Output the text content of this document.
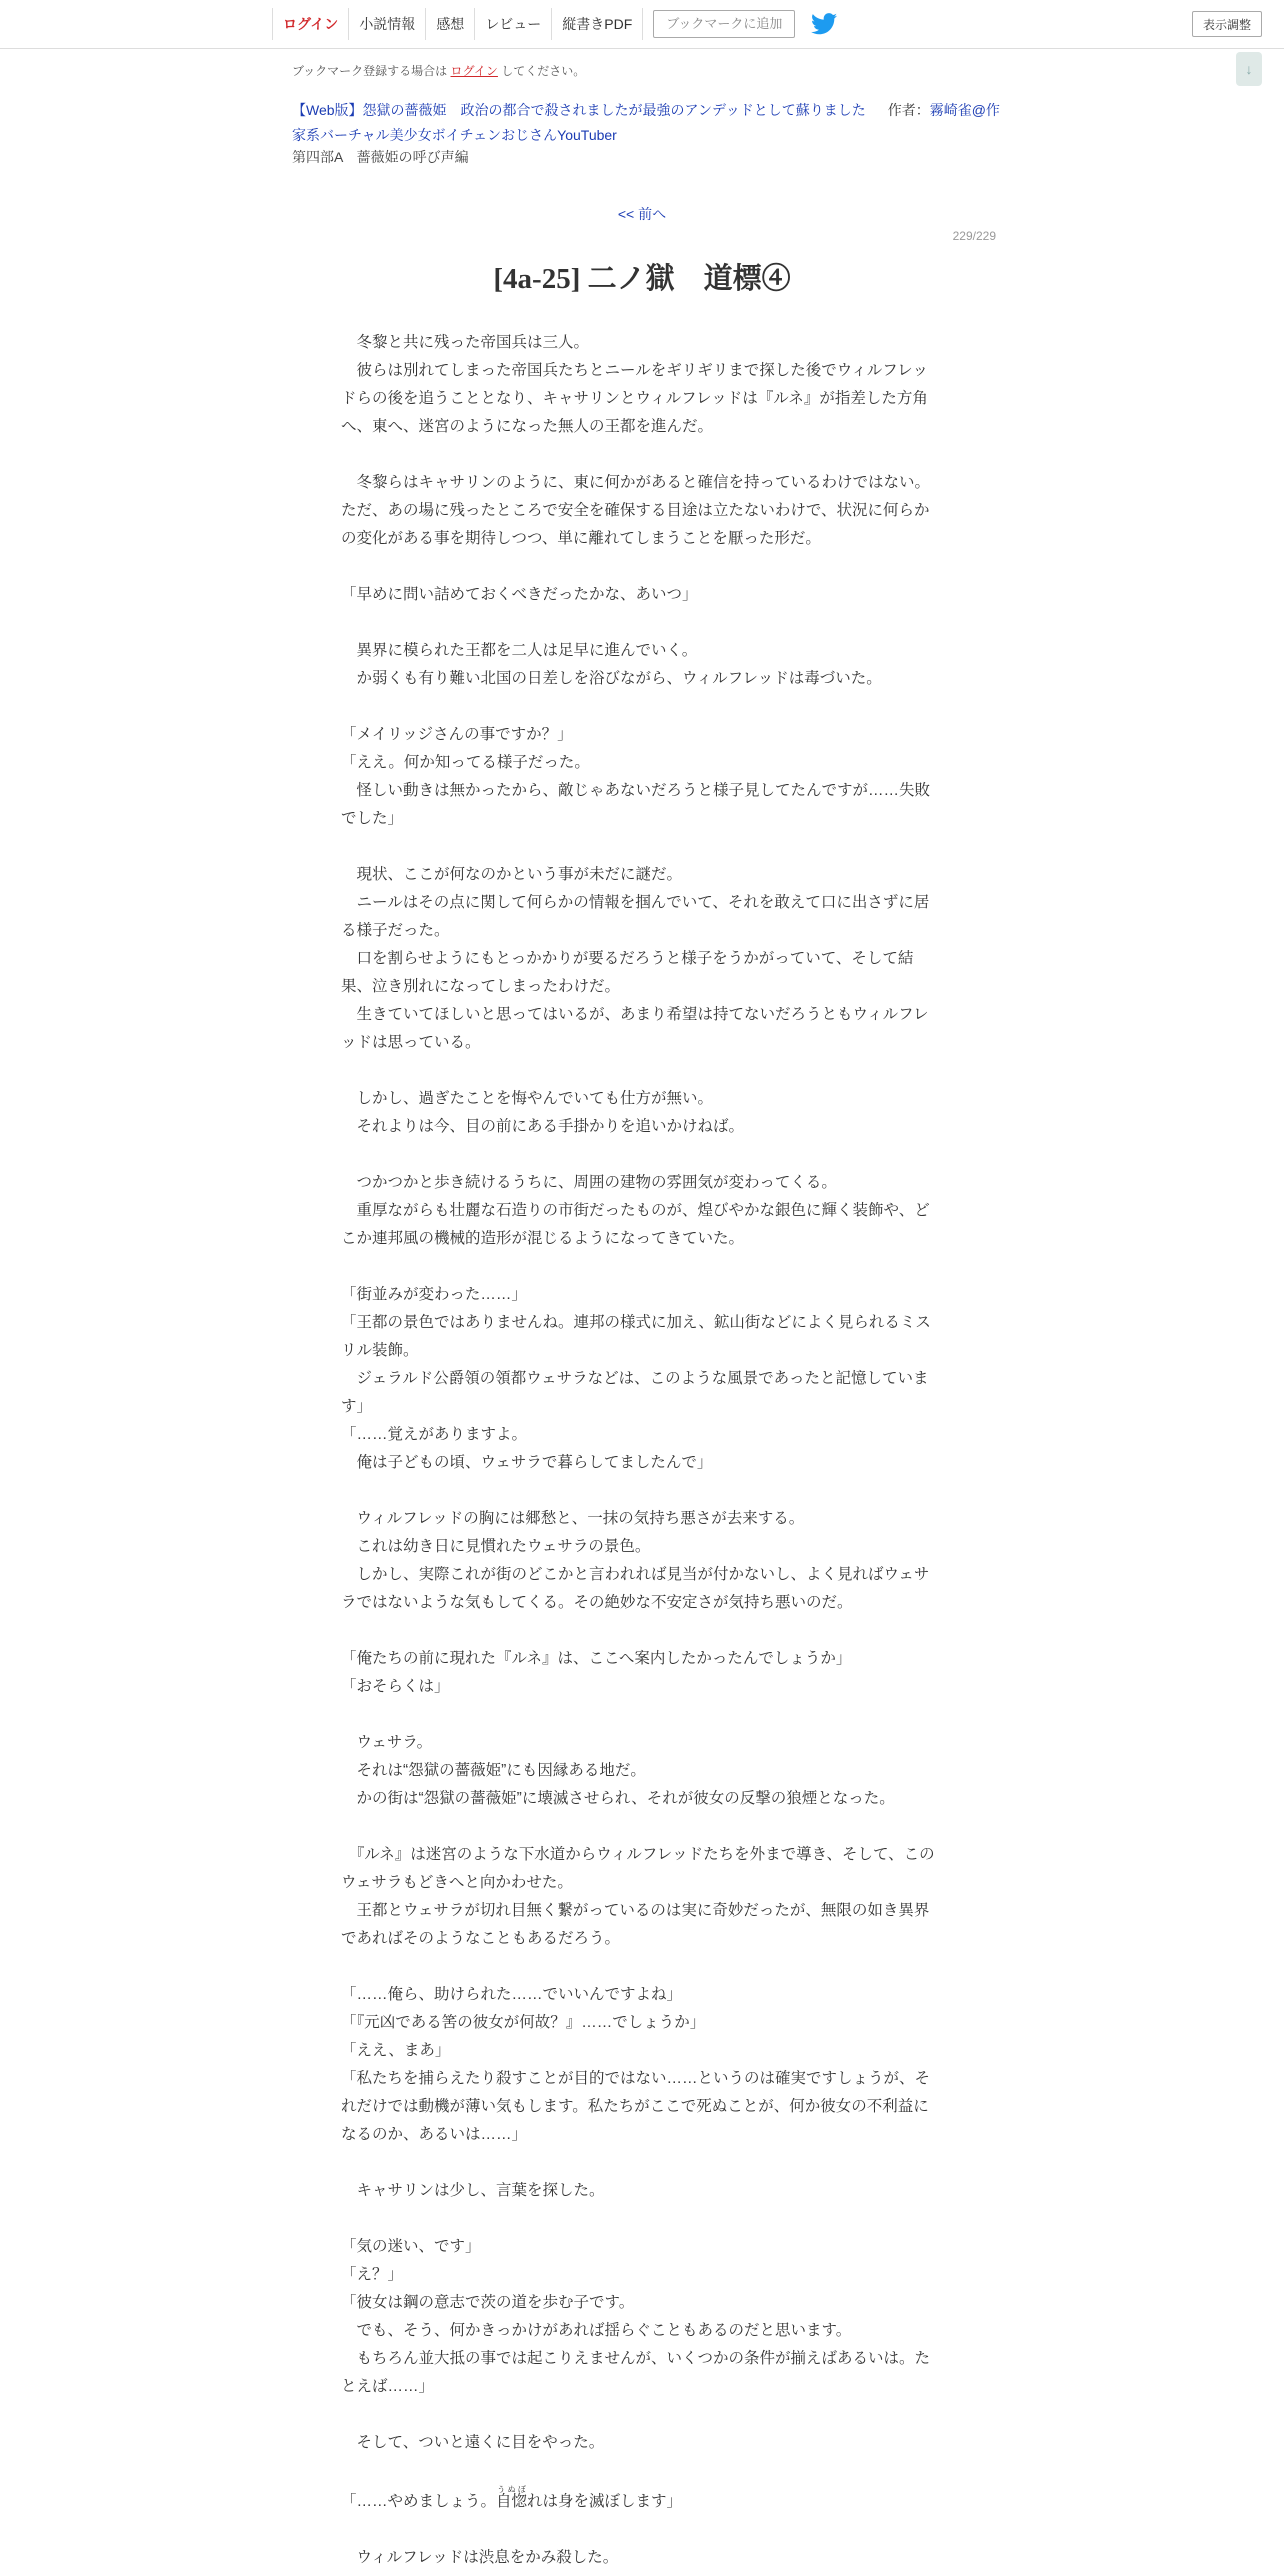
ログイン	小説情報	感想	レビュー	縦書きPDF	ブックマークに追加	表示調整
↓
ブックマーク登録する場合は ログイン してください。
【Web版】怨獄の薔薇姫　政治の都合で殺されましたが最強のアンデッドとして蘇りました 作者：霧崎雀@作家系バーチャル美少女ボイチェンおじさんYouTuber
第四部A　薔薇姫の呼び声編
<< 前へ
229/229
[4a-25] 二ノ獄　道標④

　冬黎と共に残った帝国兵は三人。

　彼らは別れてしまった帝国兵たちとニールをギリギリまで探した後でウィルフレッドらの後を追うこととなり、キャサリンとウィルフレッドは『ルネ』が指差した方角へ、東へ、迷宮のようになった無人の王都を進んだ。

　冬黎らはキャサリンのように、東に何かがあると確信を持っているわけではない。ただ、あの場に残ったところで安全を確保する目途は立たないわけで、状況に何らかの変化がある事を期待しつつ、単に離れてしまうことを厭った形だ。

「早めに問い詰めておくべきだったかな、あいつ」

　異界に模られた王都を二人は足早に進んでいく。

　か弱くも有り難い北国の日差しを浴びながら、ウィルフレッドは毒づいた。

「メイリッジさんの事ですか？」

「ええ。何か知ってる様子だった。

　怪しい動きは無かったから、敵じゃあないだろうと様子見してたんですが……失敗でした」

　現状、ここが何なのかという事が未だに謎だ。

　ニールはその点に関して何らかの情報を掴んでいて、それを敢えて口に出さずに居る様子だった。

　口を割らせようにもとっかかりが要るだろうと様子をうかがっていて、そして結果、泣き別れになってしまったわけだ。

　生きていてほしいと思ってはいるが、あまり希望は持てないだろうともウィルフレッドは思っている。

　しかし、過ぎたことを悔やんでいても仕方が無い。

　それよりは今、目の前にある手掛かりを追いかけねば。

　つかつかと歩き続けるうちに、周囲の建物の雰囲気が変わってくる。

　重厚ながらも壮麗な石造りの市街だったものが、煌びやかな銀色に輝く装飾や、どこか連邦風の機械的造形が混じるようになってきていた。

「街並みが変わった……」

「王都の景色ではありませんね。連邦の様式に加え、鉱山街などによく見られるミスリル装飾。

　ジェラルド公爵領の領都ウェサラなどは、このような風景であったと記憶しています」

「……覚えがありますよ。

　俺は子どもの頃、ウェサラで暮らしてましたんで」

　ウィルフレッドの胸には郷愁と、一抹の気持ち悪さが去来する。

　これは幼き日に見慣れたウェサラの景色。

　しかし、実際これが街のどこかと言われれば見当が付かないし、よく見ればウェサラではないような気もしてくる。その絶妙な不安定さが気持ち悪いのだ。

「俺たちの前に現れた『ルネ』は、ここへ案内したかったんでしょうか」

「おそらくは」

　ウェサラ。

　それは“怨獄の薔薇姫”にも因縁ある地だ。

　かの街は“怨獄の薔薇姫”に壊滅させられ、それが彼女の反撃の狼煙となった。

　『ルネ』は迷宮のような下水道からウィルフレッドたちを外まで導き、そして、このウェサラもどきへと向かわせた。

　王都とウェサラが切れ目無く繋がっているのは実に奇妙だったが、無限の如き異界であればそのようなこともあるだろう。

「……俺ら、助けられた……でいいんですよね」

「『元凶である筈の彼女が何故？』……でしょうか」

「ええ、まあ」

「私たちを捕らえたり殺すことが目的ではない……というのは確実ですしょうが、それだけでは動機が薄い気もします。私たちがここで死ぬことが、何か彼女の不利益になるのか、あるいは……」

　キャサリンは少し、言葉を探した。

「気の迷い、です」

「え？」

「彼女は鋼の意志で茨の道を歩む子です。

　でも、そう、何かきっかけがあれば揺らぐこともあるのだと思います。

　もちろん並大抵の事では起こりえませんが、いくつかの条件が揃えばあるいは。たとえば……」

　そして、ついと遠くに目をやった。

「……やめましょう。自惚うぬぼれは身を滅ぼします」

　ウィルフレッドは渋息をかみ殺した。
